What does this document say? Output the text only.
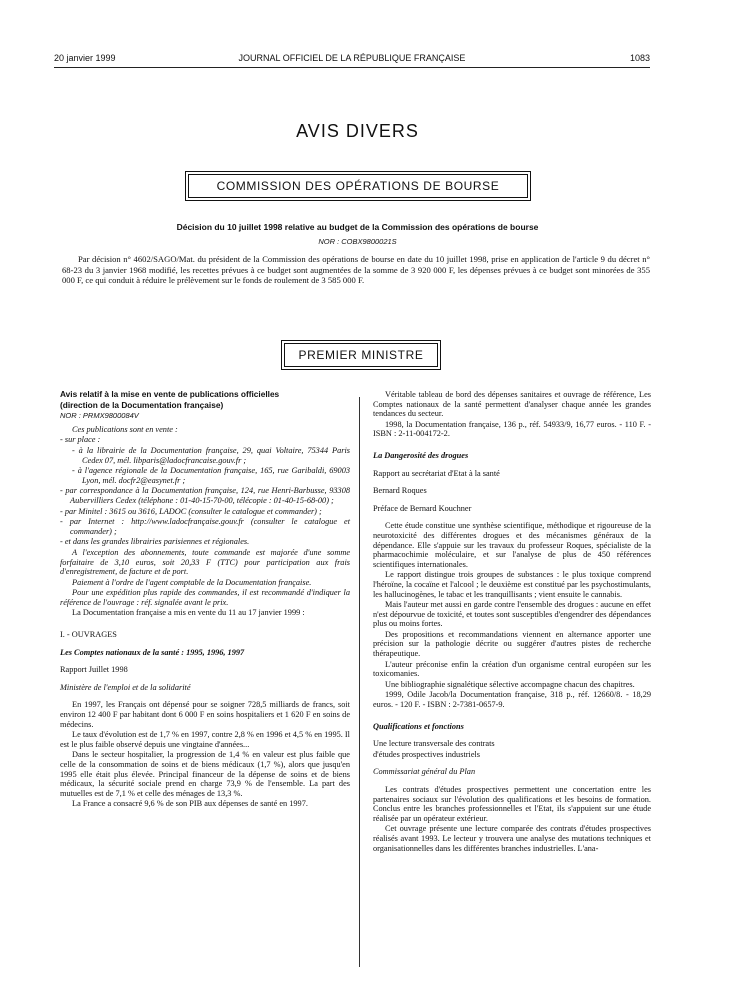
20 janvier 1999	JOURNAL OFFICIEL DE LA RÉPUBLIQUE FRANÇAISE	1083
AVIS DIVERS
COMMISSION DES OPÉRATIONS DE BOURSE
Décision du 10 juillet 1998 relative au budget de la Commission des opérations de bourse
NOR : COBX9800021S

Par décision n° 4602/SAGO/Mat. du président de la Commission des opérations de bourse en date du 10 juillet 1998, prise en application de l'article 9 du décret n° 68-23 du 3 janvier 1968 modifié, les recettes prévues à ce budget sont augmentées de la somme de 3 920 000 F, les dépenses prévues à ce budget sont minorées de 355 000 F, ce qui conduit à réduire le prélèvement sur le fonds de roulement de 3 585 000 F.

PREMIER MINISTRE

Avis relatif à la mise en vente de publications officielles

(direction de la Documentation française)

NOR : PRMX9800084V

Ces publications sont en vente :

- sur place :

- à la librairie de la Documentation française, 29, quai Voltaire, 75344 Paris Cedex 07, mél. libparis@ladocfrancaise.gouv.fr ;

- à l'agence régionale de la Documentation française, 165, rue Garibaldi, 69003 Lyon, mél. docfr2@easynet.fr ;

- par correspondance à la Documentation française, 124, rue Henri-Barbusse, 93308 Aubervilliers Cedex (téléphone : 01-40-15-70-00, télécopie : 01-40-15-68-00) ;

- par Minitel : 3615 ou 3616, LADOC (consulter le catalogue et commander) ;

- par Internet : http://www.ladocfrançaise.gouv.fr (consulter le catalogue et commander) ;

- et dans les grandes librairies parisiennes et régionales.

A l'exception des abonnements, toute commande est majorée d'une somme forfaitaire de 3,10 euros, soit 20,33 F (TTC) pour participation aux frais d'enregistrement, de facture et de port.

Paiement à l'ordre de l'agent comptable de la Documentation française.

Pour une expédition plus rapide des commandes, il est recommandé d'indiquer la référence de l'ouvrage : réf. signalée avant le prix.

La Documentation française a mis en vente du 11 au 17 janvier 1999 :

I. - OUVRAGES

Les Comptes nationaux de la santé : 1995, 1996, 1997

Rapport Juillet 1998

Ministère de l'emploi et de la solidarité

En 1997, les Français ont dépensé pour se soigner 728,5 milliards de francs, soit environ 12 400 F par habitant dont 6 000 F en soins hospitaliers et 1 620 F en soins de médecins.

Le taux d'évolution est de 1,7 % en 1997, contre 2,8 % en 1996 et 4,5 % en 1995. Il est le plus faible observé depuis une vingtaine d'années...

Dans le secteur hospitalier, la progression de 1,4 % en valeur est plus faible que celle de la consommation de soins et de biens médicaux (1,7 %), alors que jusqu'en 1995 elle était plus élevée. Principal financeur de la dépense de soins et de biens médicaux, la sécurité sociale prend en charge 73,9 % de l'ensemble. La part des mutuelles est de 7,1 % et celle des ménages de 13,3 %.

La France a consacré 9,6 % de son PIB aux dépenses de santé en 1997.

Véritable tableau de bord des dépenses sanitaires et ouvrage de référence, Les Comptes nationaux de la santé permettent d'analyser chaque année les grandes tendances du secteur.

1998, la Documentation française, 136 p., réf. 54933/9, 16,77 euros. - 110 F. - ISBN : 2-11-004172-2.

La Dangerosité des drogues

Rapport au secrétariat d'Etat à la santé

Bernard Roques

Préface de Bernard Kouchner

Cette étude constitue une synthèse scientifique, méthodique et rigoureuse de la neurotoxicité des différentes drogues et des mécanismes généraux de la dépendance. Elle s'appuie sur les travaux du professeur Roques, spécialiste de la pharmacochimie moléculaire, et sur l'analyse de plus de 450 références scientifiques internationales.

Le rapport distingue trois groupes de substances : le plus toxique comprend l'héroïne, la cocaïne et l'alcool ; le deuxième est constitué par les psychostimulants, les hallucinogènes, le tabac et les tranquillisants ; vient ensuite le cannabis.

Mais l'auteur met aussi en garde contre l'ensemble des drogues : aucune en effet n'est dépourvue de toxicité, et toutes sont susceptibles d'engendrer des dépendances plus ou moins fortes.

Des propositions et recommandations viennent en alternance apporter une précision sur la pathologie décrite ou suggérer d'autres pistes de recherche thérapeutique.

L'auteur préconise enfin la création d'un organisme central européen sur les toxicomanies.

Une bibliographie signalétique sélective accompagne chacun des chapitres.

1999, Odile Jacob/la Documentation française, 318 p., réf. 12660/8. - 18,29 euros. - 120 F. - ISBN : 2-7381-0657-9.

Qualifications et fonctions

Une lecture transversale des contrats

d'études prospectives industriels

Commissariat général du Plan

Les contrats d'études prospectives permettent une concertation entre les partenaires sociaux sur l'évolution des qualifications et les besoins de formation. Conclus entre les branches professionnelles et l'Etat, ils s'appuient sur une étude réalisée par un opérateur extérieur.

Cet ouvrage présente une lecture comparée des contrats d'études prospectives réalisés avant 1993. Le lecteur y trouvera une analyse des mutations techniques et organisationnelles dans les différentes branches industrielles. L'ana-
